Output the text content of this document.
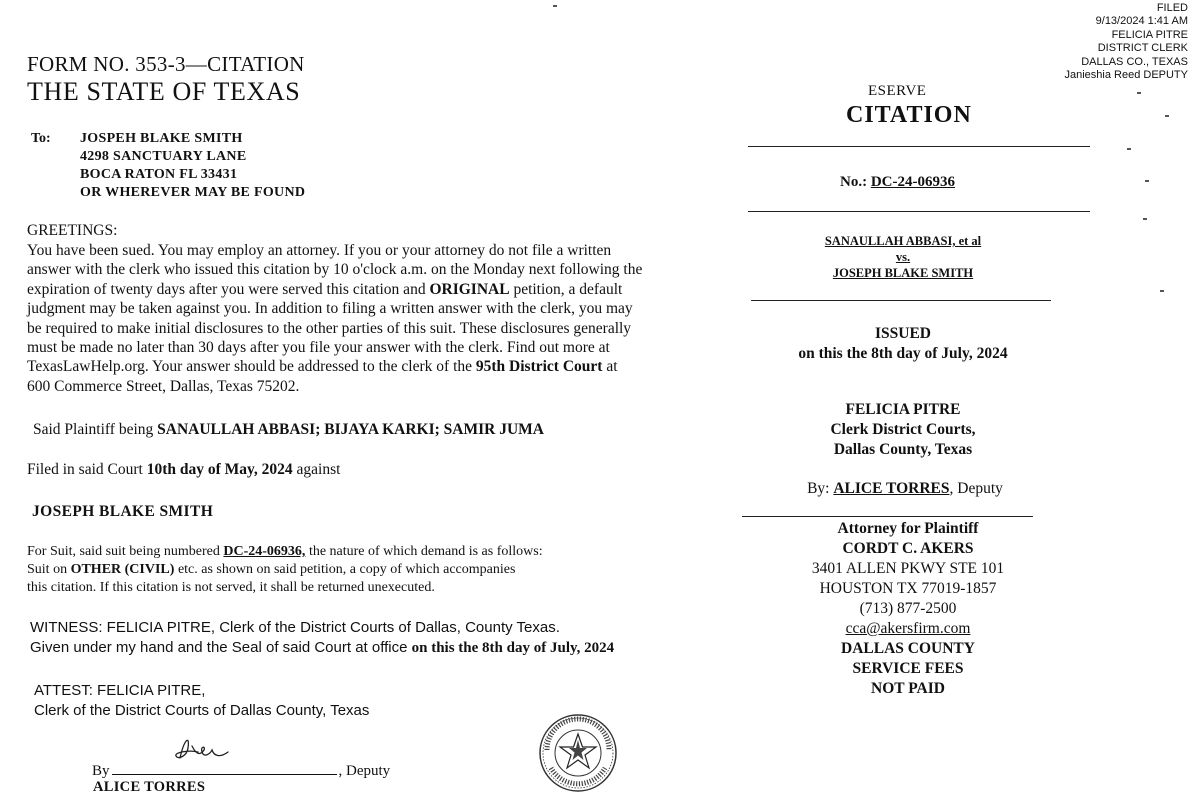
FILED
9/13/2024 1:41 AM
FELICIA PITRE
DISTRICT CLERK
DALLAS CO., TEXAS
Janieshia Reed DEPUTY
FORM NO. 353-3—CITATION
THE STATE OF TEXAS
To: JOSPEH BLAKE SMITH
4298 SANCTUARY LANE
BOCA RATON FL 33431
OR WHEREVER MAY BE FOUND
GREETINGS:
You have been sued. You may employ an attorney. If you or your attorney do not file a written
answer with the clerk who issued this citation by 10 o'clock a.m. on the Monday next following the
expiration of twenty days after you were served this citation and ORIGINAL petition, a default
judgment may be taken against you. In addition to filing a written answer with the clerk, you may
be required to make initial disclosures to the other parties of this suit. These disclosures generally
must be made no later than 30 days after you file your answer with the clerk. Find out more at
TexasLawHelp.org. Your answer should be addressed to the clerk of the 95th District Court at
600 Commerce Street, Dallas, Texas 75202.
Said Plaintiff being SANAULLAH ABBASI; BIJAYA KARKI; SAMIR JUMA
Filed in said Court 10th day of May, 2024 against
JOSEPH BLAKE SMITH
For Suit, said suit being numbered DC-24-06936, the nature of which demand is as follows:
Suit on OTHER (CIVIL) etc. as shown on said petition, a copy of which accompanies
this citation. If this citation is not served, it shall be returned unexecuted.
WITNESS: FELICIA PITRE, Clerk of the District Courts of Dallas, County Texas.
Given under my hand and the Seal of said Court at office on this the 8th day of July, 2024
ATTEST: FELICIA PITRE,
Clerk of the District Courts of Dallas County, Texas
By	, Deputy
ALICE TORRES
ESERVE
CITATION
No.: DC-24-06936
SANAULLAH ABBASI, et al
vs.
JOSEPH BLAKE SMITH
ISSUED
on this the 8th day of July, 2024
FELICIA PITRE
Clerk District Courts,
Dallas County, Texas
By: ALICE TORRES, Deputy
Attorney for Plaintiff
CORDT C. AKERS
3401 ALLEN PKWY STE 101
HOUSTON TX 77019-1857
(713) 877-2500
cca@akersfirm.com
DALLAS COUNTY
SERVICE FEES
NOT PAID
